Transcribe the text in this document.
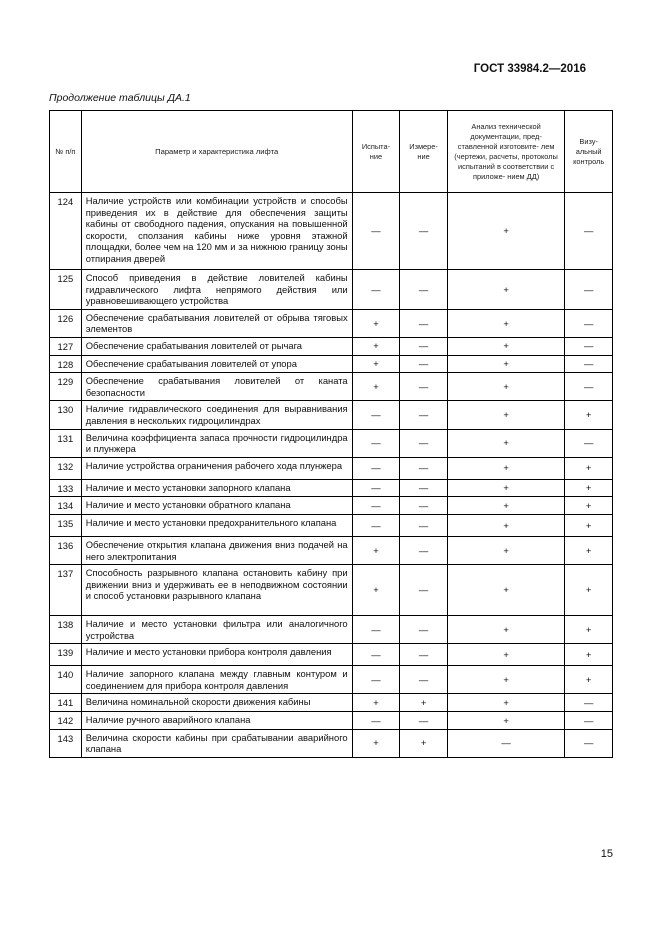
ГОСТ 33984.2—2016
Продолжение таблицы ДА.1
№ п/п	Параметр и характеристика лифта	Испыта- ние	Измере- ние	Анализ технической документации, пред- ставленной изготовите- лем (чертежи, расчеты, протоколы испытаний в соответствии с приложе- нием ДД)	Визу- альный контроль
124	Наличие устройств или комбинации устройств и способы приведения их в действие для обеспечения защиты кабины от свободного падения, опускания на повышенной скорости, сползания кабины ниже уровня этажной площадки, более чем на 120 мм и за нижнюю границу зоны отпирания дверей	—	—	+	—
125	Способ приведения в действие ловителей кабины гидравлического лифта непрямого действия или уравновешивающего устройства	—	—	+	—
126	Обеспечение срабатывания ловителей от обрыва тяговых элементов	+	—	+	—
127	Обеспечение срабатывания ловителей от рычага	+	—	+	—
128	Обеспечение срабатывания ловителей от упора	+	—	+	—
129	Обеспечение срабатывания ловителей от каната безопасности	+	—	+	—
130	Наличие гидравлического соединения для выравнивания давления в нескольких гидроцилиндрах	—	—	+	+
131	Величина коэффициента запаса прочности гидроцилиндра и плунжера	—	—	+	—
132	Наличие устройства ограничения рабочего хода плунжера	—	—	+	+
133	Наличие и место установки запорного клапана	—	—	+	+
134	Наличие и место установки обратного клапана	—	—	+	+
135	Наличие и место установки предохранительного клапана	—	—	+	+
136	Обеспечение открытия клапана движения вниз подачей на него электропитания	+	—	+	+
137	Способность разрывного клапана остановить кабину при движении вниз и удерживать ее в неподвижном состоянии и способ установки разрывного клапана	+	—	+	+
138	Наличие и место установки фильтра или аналогичного устройства	—	—	+	+
139	Наличие и место установки прибора контроля давления	—	—	+	+
140	Наличие запорного клапана между главным контуром и соединением для прибора контроля давления	—	—	+	+
141	Величина номинальной скорости движения кабины	+	+	+	—
142	Наличие ручного аварийного клапана	—	—	+	—
143	Величина скорости кабины при срабатывании аварийного клапана	+	+	—	—
15
